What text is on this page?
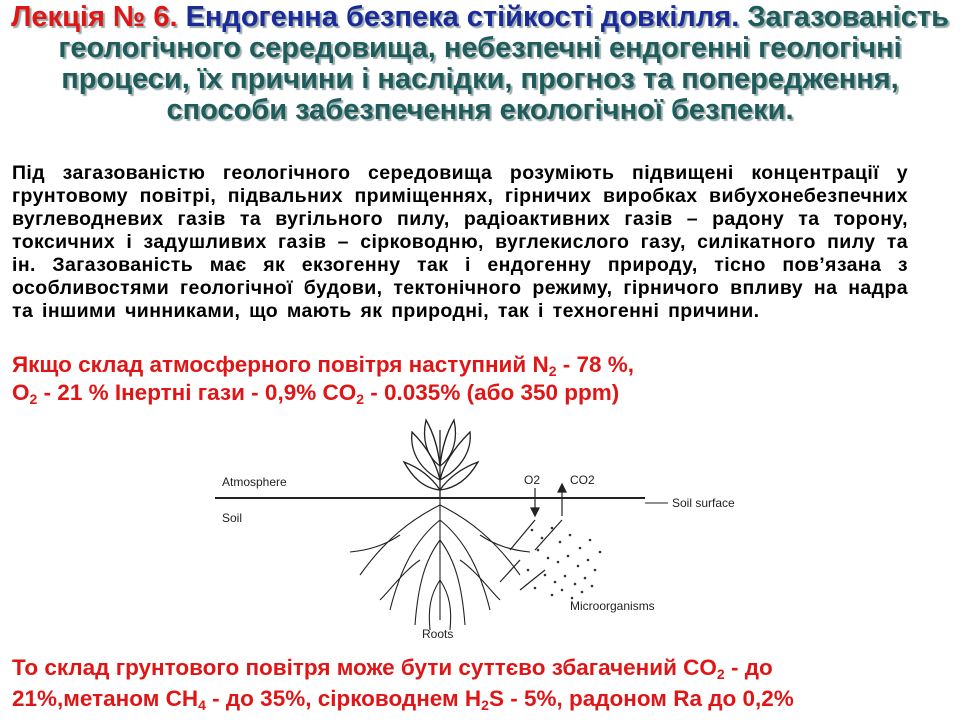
Лекція № 6. Ендогенна безпека стійкості довкілля. Загазованість геологічного середовища, небезпечні ендогенні геологічні процеси, їх причини і наслідки, прогноз та попередження, способи забезпечення екологічної безпеки.
Під загазованістю геологічного середовища розуміють підвищені концентрації у грунтовому повітрі, підвальних приміщеннях, гірничих виробках вибухонебезпечних вуглеводневих газів та вугільного пилу, радіоактивних газів – радону та торону, токсичних і задушливих газів – сірководню, вуглекислого газу, силікатного пилу та ін. Загазованість має як екзогенну так і ендогенну природу, тісно пов’язана з особливостями геологічної будови, тектонічного режиму, гірничого впливу на надра та іншими чинниками, що мають як природні, так і техногенні причини.
Якщо склад атмосферного повітря наступний $N_2 - 78$ %,
$O_2 - 21$ % Інертні гази - 0,9% $CO_2 - 0.035\%$ (або 350 ppm)
Atmosphere
Soil
Soil surface
O2 CO2
Microorganisms
Roots
То склад грунтового повітря може бути суттєво збагачений $CO_2$ - до
21%,метаном $CH_4$ - до 35%, сірководнем $H_2S - 5\%$, радоном Ra до 0,2%
